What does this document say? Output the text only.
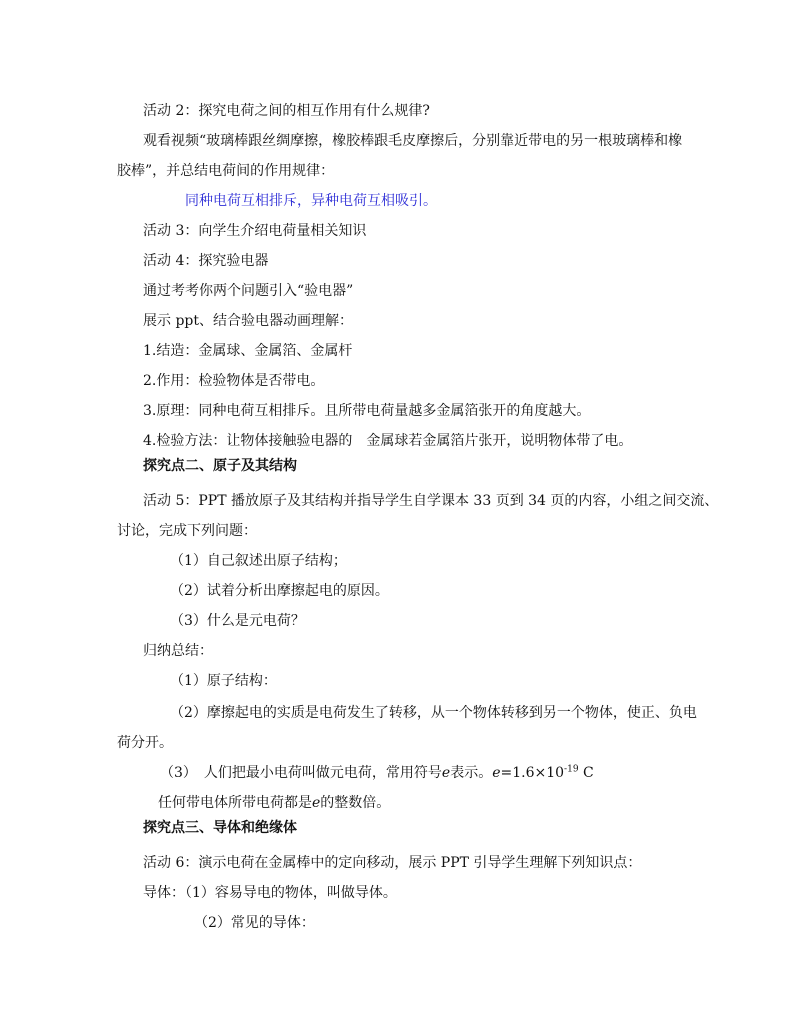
活动 2：探究电荷之间的相互作用有什么规律?
观看视频“玻璃棒跟丝绸摩擦，橡胶棒跟毛皮摩擦后，分别靠近带电的另一根玻璃棒和橡
胶棒”，并总结电荷间的作用规律：
同种电荷互相排斥，异种电荷互相吸引。
活动 3：向学生介绍电荷量相关知识
活动 4：探究验电器
通过考考你两个问题引入“验电器”
展示 ppt、结合验电器动画理解：
1.结造：金属球、金属箔、金属杆
2.作用：检验物体是否带电。
3.原理：同种电荷互相排斥。且所带电荷量越多金属箔张开的角度越大。
4.检验方法：让物体接触验电器的　金属球若金属箔片张开，说明物体带了电。
探究点二、原子及其结构
活动 5：PPT 播放原子及其结构并指导学生自学课本 33 页到 34 页的内容，小组之间交流、
讨论，完成下列问题：
（1）自己叙述出原子结构；
（2）试着分析出摩擦起电的原因。
（3）什么是元电荷？
归纳总结：
（1）原子结构：
（2）摩擦起电的实质是电荷发生了转移，从一个物体转移到另一个物体，使正、负电
荷分开。
（3）　人们把最小电荷叫做元电荷，常用符号e表示。$e=1.6\times 10^{-19}$ C
任何带电体所带电荷都是e的整数倍。
探究点三、导体和绝缘体
活动 6：演示电荷在金属棒中的定向移动，展示 PPT 引导学生理解下列知识点：
导体：（1）容易导电的物体，叫做导体。
（2）常见的导体：
